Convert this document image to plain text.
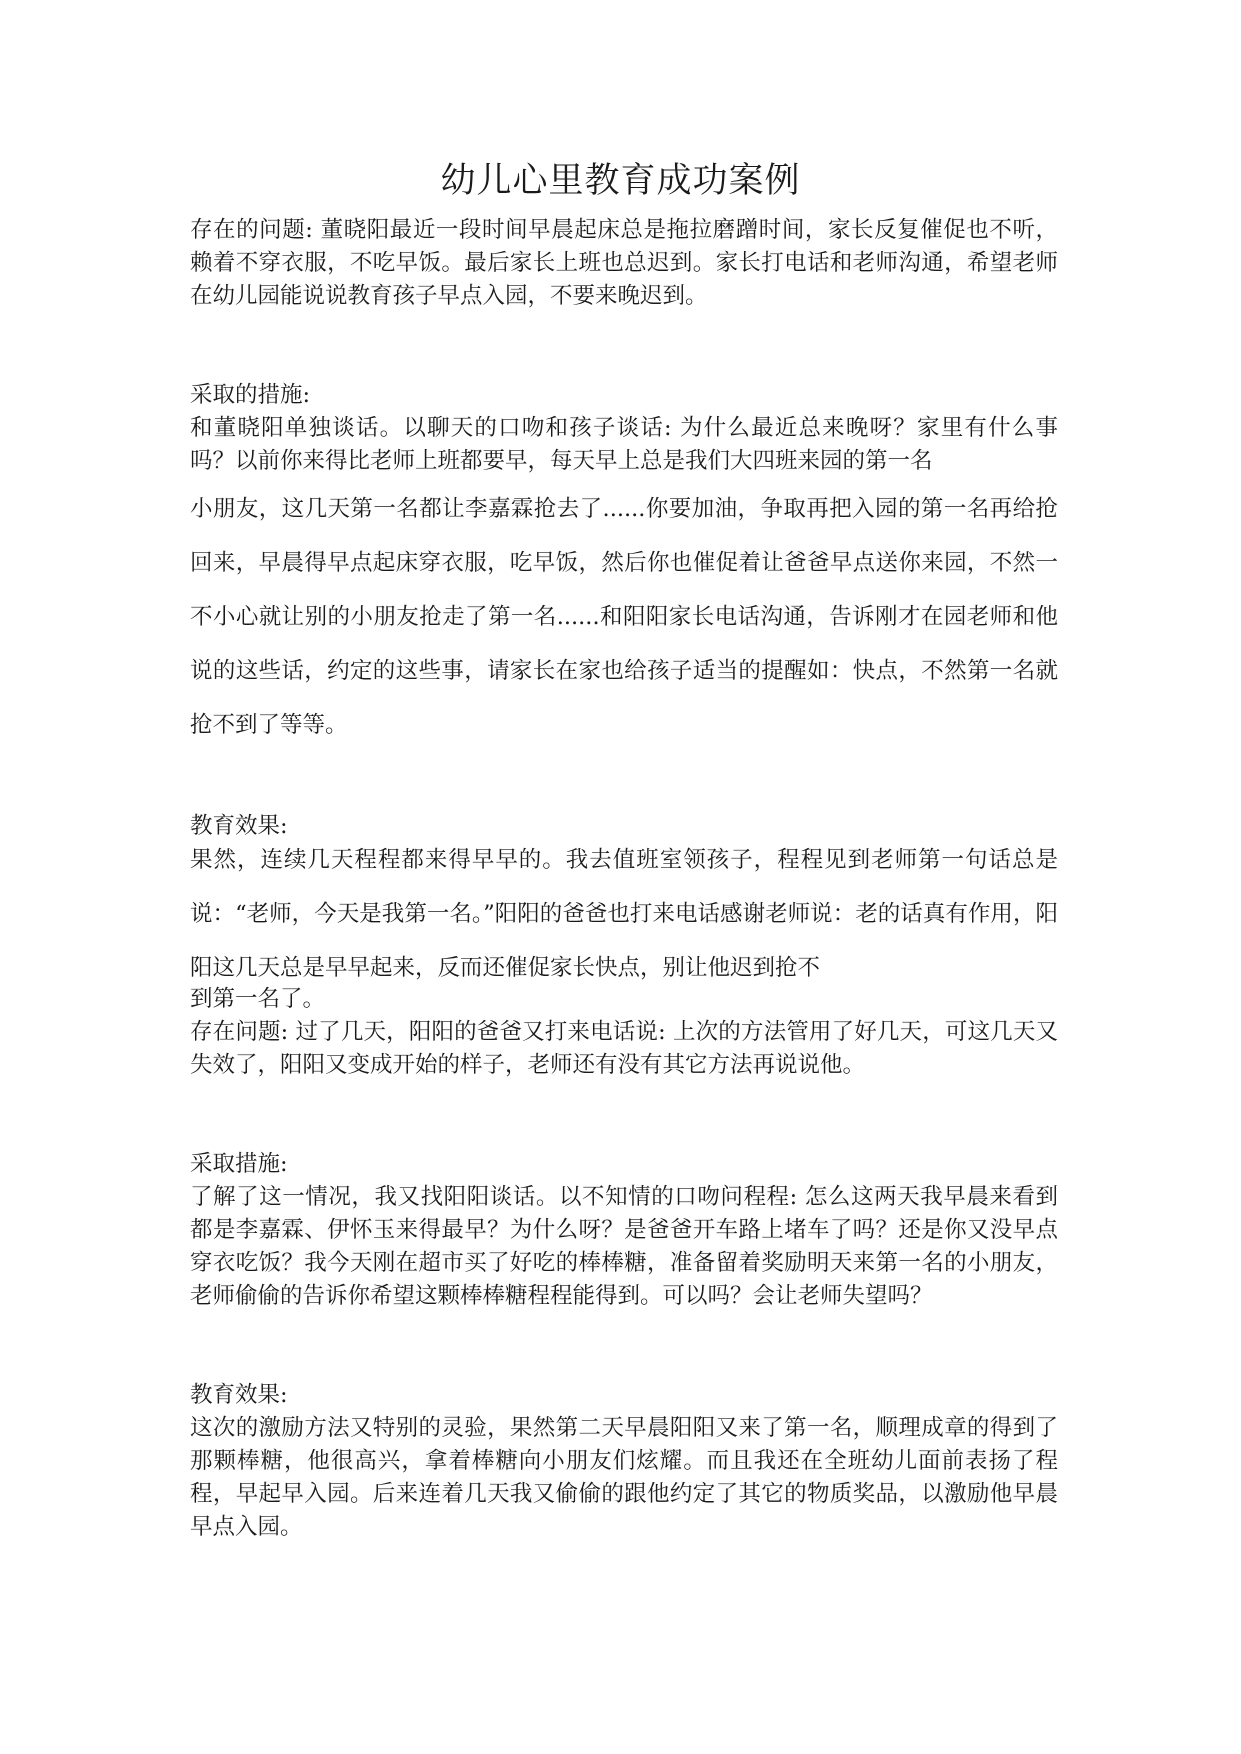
幼儿心里教育成功案例

存在的问题: 董晓阳最近一段时间早晨起床总是拖拉磨蹭时间，家长反复催促也不听，赖着不穿衣服，不吃早饭。最后家长上班也总迟到。家长打电话和老师沟通，希望老师在幼儿园能说说教育孩子早点入园，不要来晚迟到。

采取的措施:

和董晓阳单独谈话。以聊天的口吻和孩子谈话: 为什么最近总来晚呀？家里有什么事吗？以前你来得比老师上班都要早，每天早上总是我们大四班来园的第一名

小朋友，这几天第一名都让李嘉霖抢去了......你要加油，争取再把入园的第一名再给抢回来，早晨得早点起床穿衣服，吃早饭，然后你也催促着让爸爸早点送你来园，不然一不小心就让别的小朋友抢走了第一名......和阳阳家长电话沟通，告诉刚才在园老师和他说的这些话，约定的这些事，请家长在家也给孩子适当的提醒如：快点，不然第一名就抢不到了等等。

教育效果:

果然，连续几天程程都来得早早的。我去值班室领孩子，程程见到老师第一句话总是说：“老师，今天是我第一名。”阳阳的爸爸也打来电话感谢老师说：老的话真有作用，阳阳这几天总是早早起来，反而还催促家长快点，别让他迟到抢不

到第一名了。

存在问题: 过了几天，阳阳的爸爸又打来电话说: 上次的方法管用了好几天，可这几天又失效了，阳阳又变成开始的样子，老师还有没有其它方法再说说他。

采取措施:

了解了这一情况，我又找阳阳谈话。以不知情的口吻问程程: 怎么这两天我早晨来看到都是李嘉霖、伊怀玉来得最早？为什么呀？是爸爸开车路上堵车了吗？还是你又没早点穿衣吃饭？我今天刚在超市买了好吃的棒棒糖，准备留着奖励明天来第一名的小朋友，老师偷偷的告诉你希望这颗棒棒糖程程能得到。可以吗？会让老师失望吗？

教育效果:

这次的激励方法又特别的灵验，果然第二天早晨阳阳又来了第一名，顺理成章的得到了那颗棒糖，他很高兴，拿着棒糖向小朋友们炫耀。而且我还在全班幼儿面前表扬了程程，早起早入园。后来连着几天我又偷偷的跟他约定了其它的物质奖品，以激励他早晨早点入园。
